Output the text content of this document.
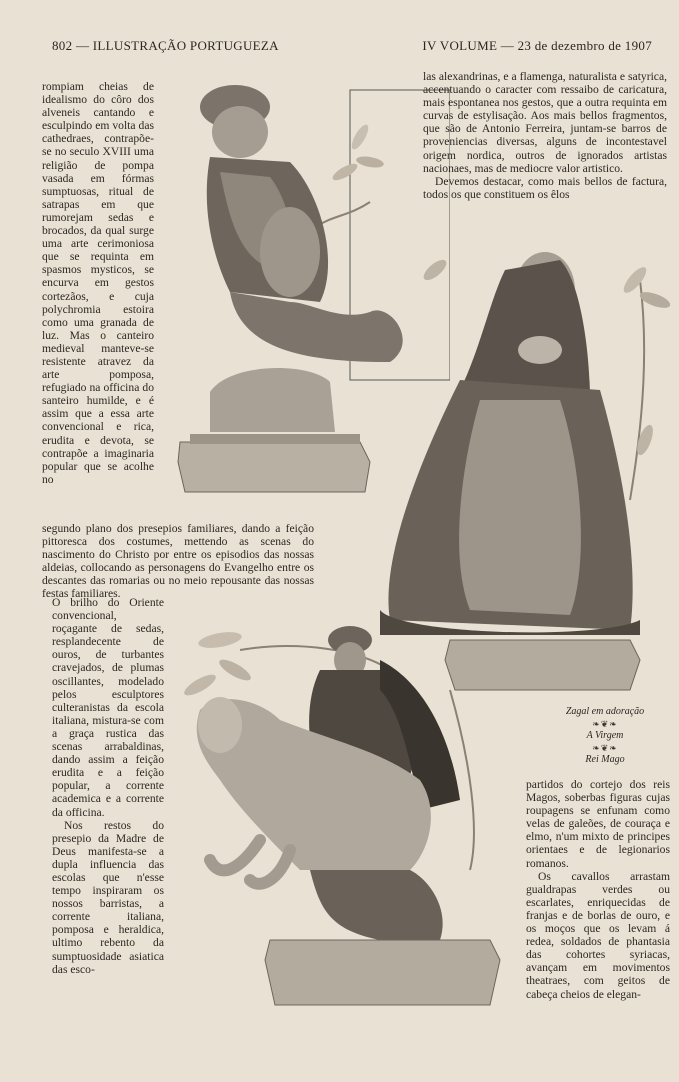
802 — ILLUSTRAÇÃO PORTUGUEZA	IV VOLUME — 23 de dezembro de 1907

rompiam cheias de idealismo do côro dos alveneis cantando e esculpindo em volta das cathedraes, contrapõe-se no seculo XVIII uma religião de pompa vasada em fórmas sumptuosas, ritual de satrapas em que rumorejam sedas e brocados, da qual surge uma arte cerimoniosa que se requinta em spasmos mysticos, se encurva em gestos cortezãos, e cuja polychromia estoira como uma granada de luz. Mas o canteiro medieval manteve-se resistente atravez da arte pomposa, refugiado na officina do santeiro humilde, e é assim que a essa arte convencional e rica, erudita e devota, se contrapõe a imaginaria popular que se acolhe no

las alexandrinas, e a flamenga, naturalista e satyrica, accentuando o caracter com ressaibo de caricatura, mais espontanea nos gestos, que a outra requinta em curvas de estylisação. Aos mais bellos fragmentos, que são de Antonio Ferreira, juntam-se barros de proveniencias diversas, alguns de incontestavel origem nordica, outros de ignorados artistas nacionaes, mas de mediocre valor artistico.

Devemos destacar, como mais bellos de factura, todos os que constituem os êlos

segundo plano dos presepios familiares, dando a feição pittoresca dos costumes, mettendo as scenas do nascimento do Christo por entre os episodios das nossas aldeias, collocando as personagens do Evangelho entre os descantes das romarias ou no meio repousante das nossas festas familiares.

O brilho do Oriente convencional, roçagante de sedas, resplandecente de ouros, de turbantes cravejados, de plumas oscillantes, modelado pelos esculptores culteranistas da escola italiana, mistura-se com a graça rustica das scenas arrabaldinas, dando assim a feição erudita e a feição popular, a corrente academica e a corrente da officina.

Nos restos do presepio da Madre de Deus manifesta-se a dupla influencia das escolas que n'esse tempo inspiraram os nossos barristas, a corrente italiana, pomposa e heraldica, ultimo rebento da sumptuosidade asiatica das esco-

partidos do cortejo dos reis Magos, soberbas figuras cujas roupagens se enfunam como velas de galeões, de couraça e elmo, n'um mixto de principes orientaes e de legionarios romanos.

Os cavallos arrastam gualdrapas verdes ou escarlates, enriquecidas de franjas e de borlas de ouro, e os moços que os levam á redea, soldados de phantasia das cohortes syriacas, avançam em movimentos theatraes, com geitos de cabeça cheios de elegan-

Zagal em adoração
❧❦❧
A Virgem
❧❦❧
Rei Mago
